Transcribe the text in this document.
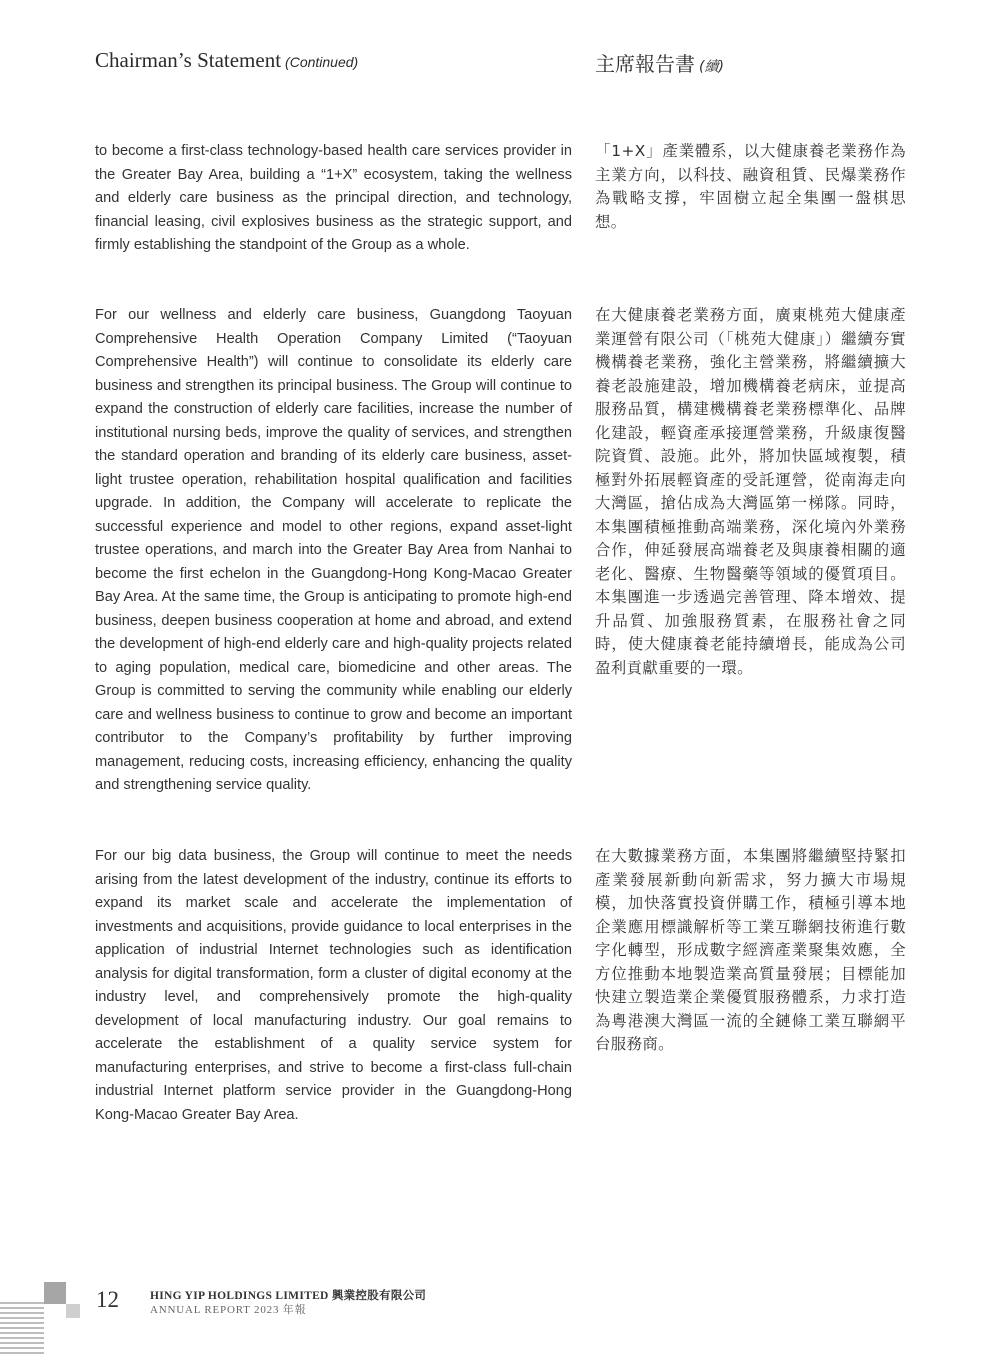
Chairman’s Statement (Continued)	主席報告書 (續)

to become a first-class technology-based health care services provider in the Greater Bay Area, building a “1+X” ecosystem, taking the wellness and elderly care business as the principal direction, and technology, financial leasing, civil explosives business as the strategic support, and firmly establishing the standpoint of the Group as a whole.

For our wellness and elderly care business, Guangdong Taoyuan Comprehensive Health Operation Company Limited (“Taoyuan Comprehensive Health”) will continue to consolidate its elderly care business and strengthen its principal business. The Group will continue to expand the construction of elderly care facilities, increase the number of institutional nursing beds, improve the quality of services, and strengthen the standard operation and branding of its elderly care business, asset-light trustee operation, rehabilitation hospital qualification and facilities upgrade. In addition, the Company will accelerate to replicate the successful experience and model to other regions, expand asset-light trustee operations, and march into the Greater Bay Area from Nanhai to become the first echelon in the Guangdong-Hong Kong-Macao Greater Bay Area. At the same time, the Group is anticipating to promote high-end business, deepen business cooperation at home and abroad, and extend the development of high-end elderly care and high-quality projects related to aging population, medical care, biomedicine and other areas. The Group is committed to serving the community while enabling our elderly care and wellness business to continue to grow and become an important contributor to the Company’s profitability by further improving management, reducing costs, increasing efficiency, enhancing the quality and strengthening service quality.

For our big data business, the Group will continue to meet the needs arising from the latest development of the industry, continue its efforts to expand its market scale and accelerate the implementation of investments and acquisitions, provide guidance to local enterprises in the application of industrial Internet technologies such as identification analysis for digital transformation, form a cluster of digital economy at the industry level, and comprehensively promote the high-quality development of local manufacturing industry. Our goal remains to accelerate the establishment of a quality service system for manufacturing enterprises, and strive to become a first-class full-chain industrial Internet platform service provider in the Guangdong-Hong Kong-Macao Greater Bay Area.

「1+X」產業體系，以大健康養老業務作為主業方向，以科技、融資租賃、民爆業務作為戰略支撐，牢固樹立起全集團一盤棋思想。

在大健康養老業務方面，廣東桃苑大健康產業運營有限公司（「桃苑大健康」）繼續夯實機構養老業務，強化主營業務，將繼續擴大養老設施建設，增加機構養老病床，並提高服務品質，構建機構養老業務標準化、品牌化建設，輕資產承接運營業務，升級康復醫院資質、設施。此外，將加快區域複製，積極對外拓展輕資產的受託運營，從南海走向大灣區，搶佔成為大灣區第一梯隊。同時，本集團積極推動高端業務，深化境內外業務合作，伸延發展高端養老及與康養相關的適老化、醫療、生物醫藥等領域的優質項目。本集團進一步透過完善管理、降本增效、提升品質、加強服務質素，在服務社會之同時，使大健康養老能持續增長，能成為公司盈利貢獻重要的一環。

在大數據業務方面，本集團將繼續堅持緊扣產業發展新動向新需求，努力擴大市場規模，加快落實投資併購工作，積極引導本地企業應用標識解析等工業互聯網技術進行數字化轉型，形成數字經濟產業聚集效應，全方位推動本地製造業高質量發展；目標能加快建立製造業企業優質服務體系，力求打造為粵港澳大灣區一流的全鏈條工業互聯網平台服務商。

12	HING YIP HOLDINGS LIMITED 興業控股有限公司
ANNUAL REPORT 2023 年報
